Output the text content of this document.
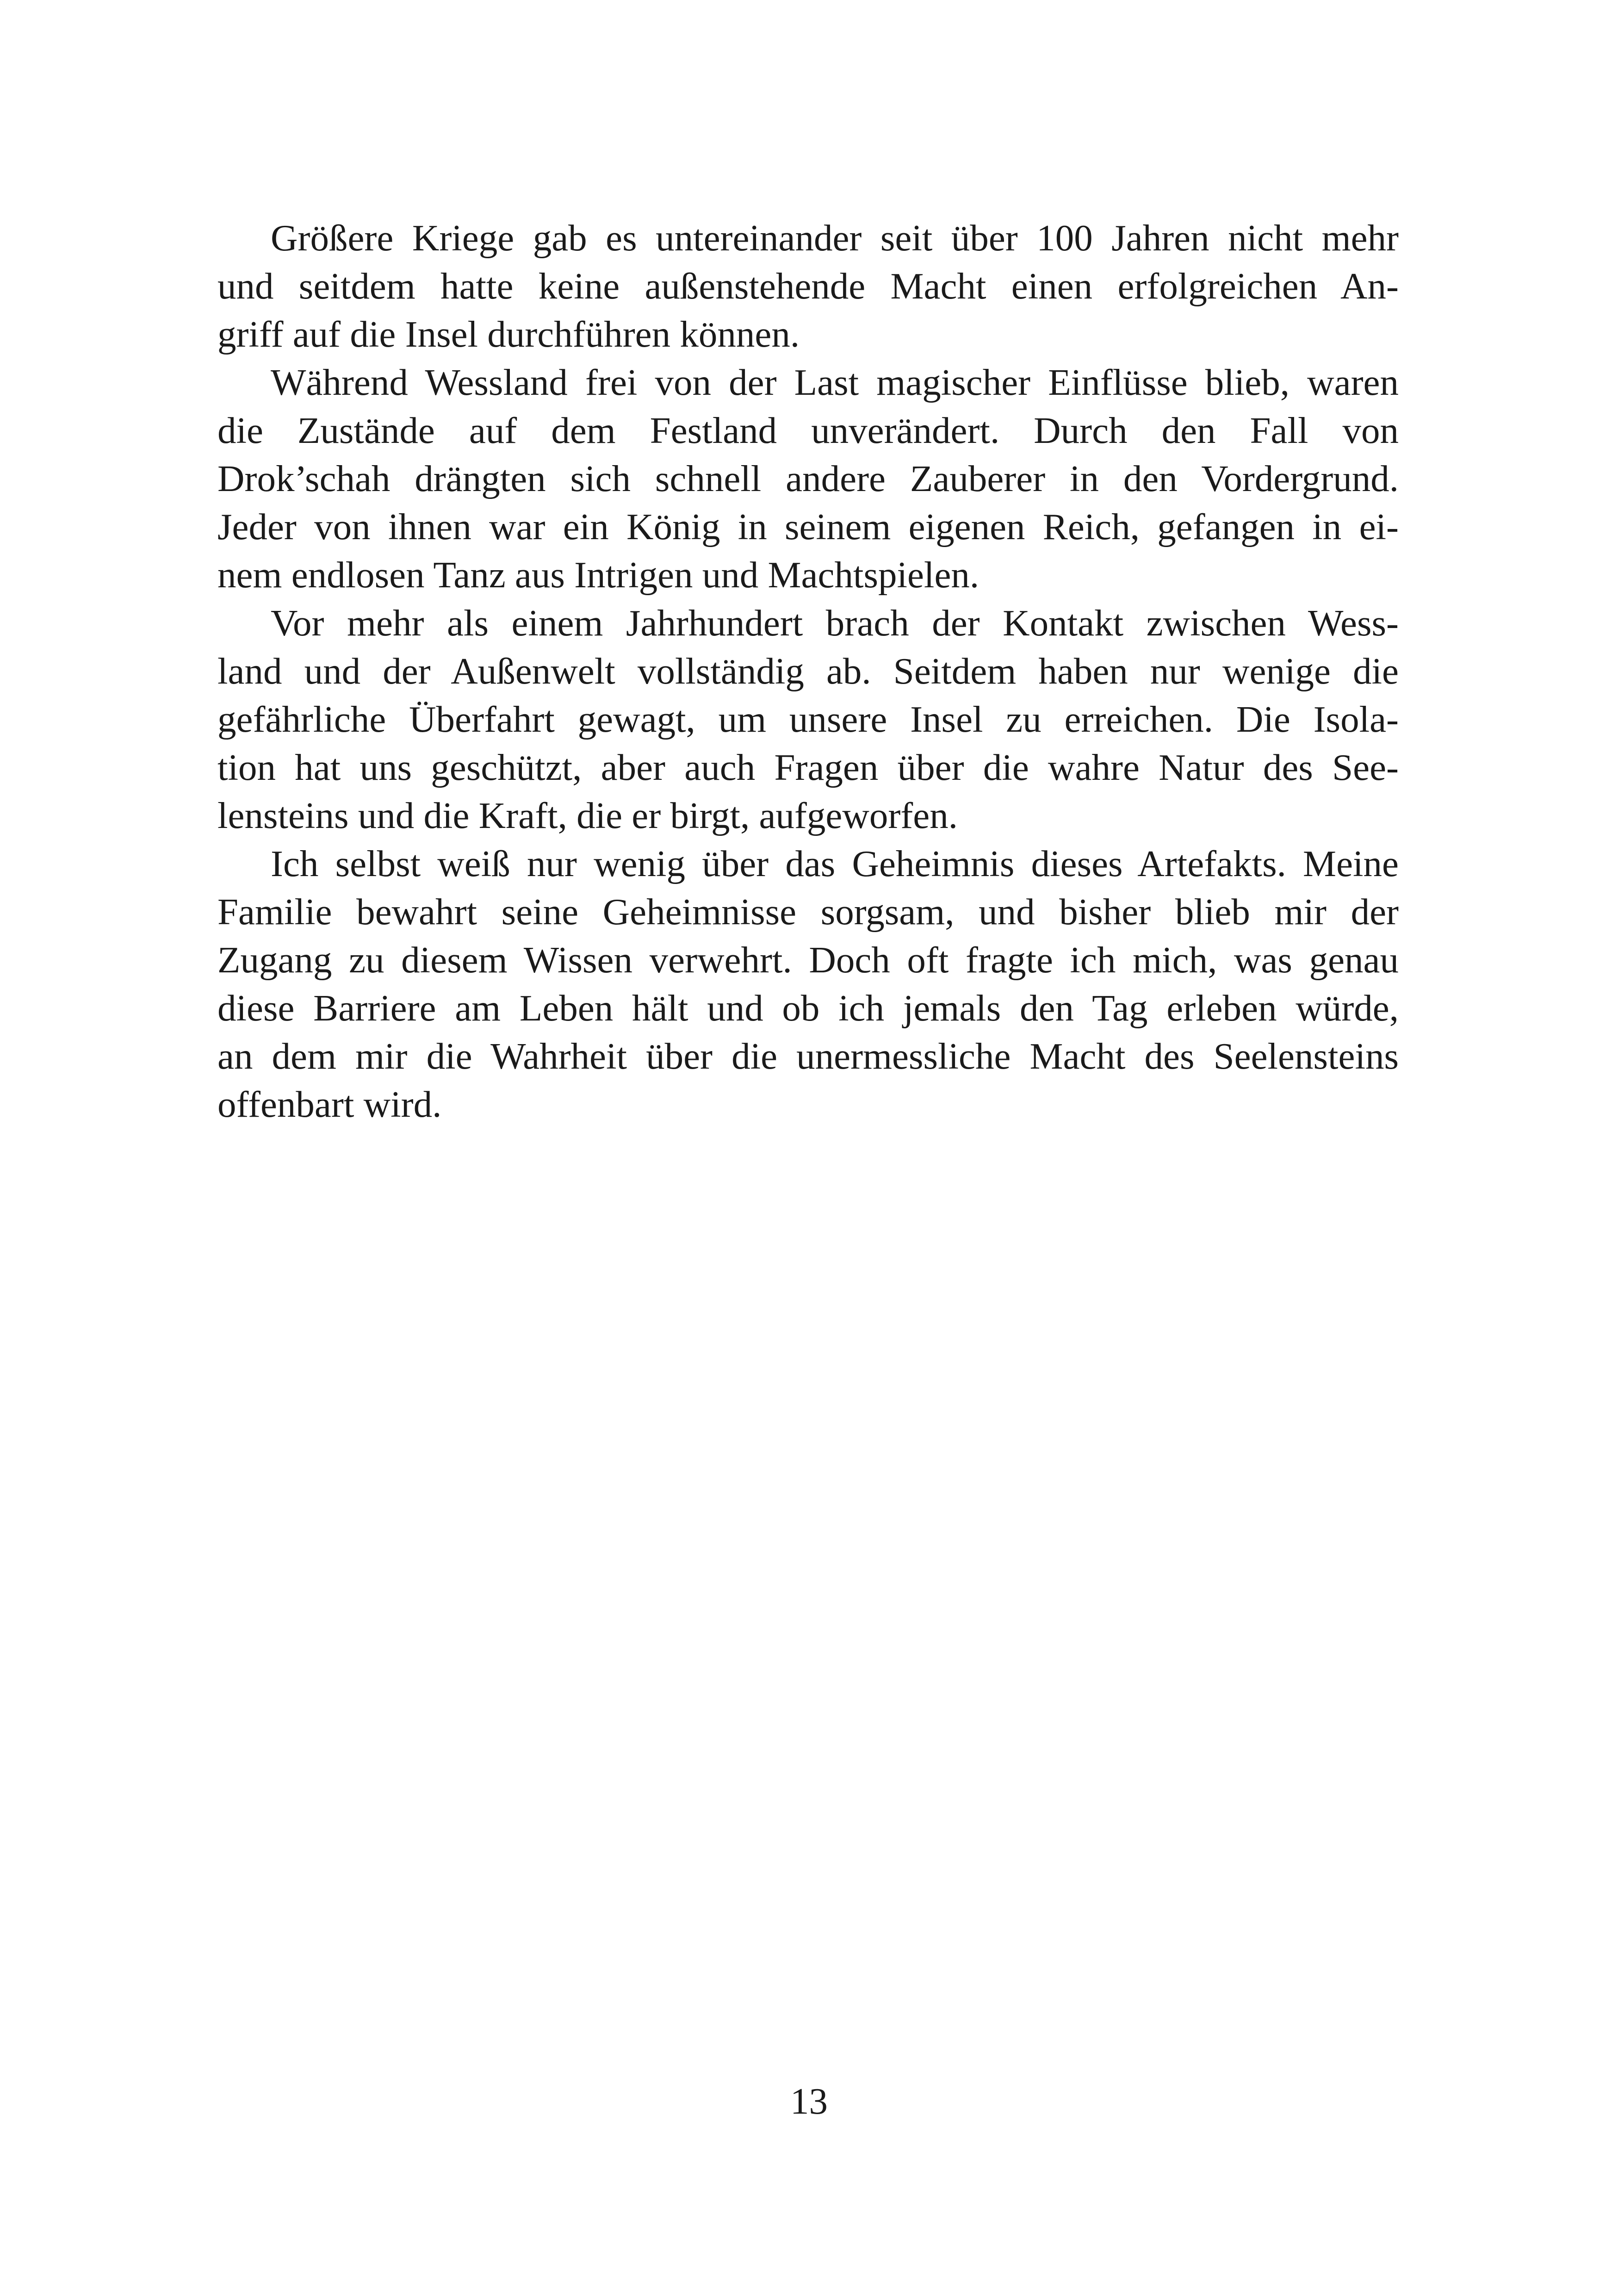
Größere Kriege gab es untereinander seit über 100 Jahren nicht mehr
und seitdem hatte keine außenstehende Macht einen erfolgreichen An-
griff auf die Insel durchführen können.
Während Wessland frei von der Last magischer Einflüsse blieb, waren
die Zustände auf dem Festland unverändert. Durch den Fall von
Drok’schah drängten sich schnell andere Zauberer in den Vordergrund.
Jeder von ihnen war ein König in seinem eigenen Reich, gefangen in ei-
nem endlosen Tanz aus Intrigen und Machtspielen.
Vor mehr als einem Jahrhundert brach der Kontakt zwischen Wess-
land und der Außenwelt vollständig ab. Seitdem haben nur wenige die
gefährliche Überfahrt gewagt, um unsere Insel zu erreichen. Die Isola-
tion hat uns geschützt, aber auch Fragen über die wahre Natur des See-
lensteins und die Kraft, die er birgt, aufgeworfen.
Ich selbst weiß nur wenig über das Geheimnis dieses Artefakts. Meine
Familie bewahrt seine Geheimnisse sorgsam, und bisher blieb mir der
Zugang zu diesem Wissen verwehrt. Doch oft fragte ich mich, was genau
diese Barriere am Leben hält und ob ich jemals den Tag erleben würde,
an dem mir die Wahrheit über die unermessliche Macht des Seelensteins
offenbart wird.
13
